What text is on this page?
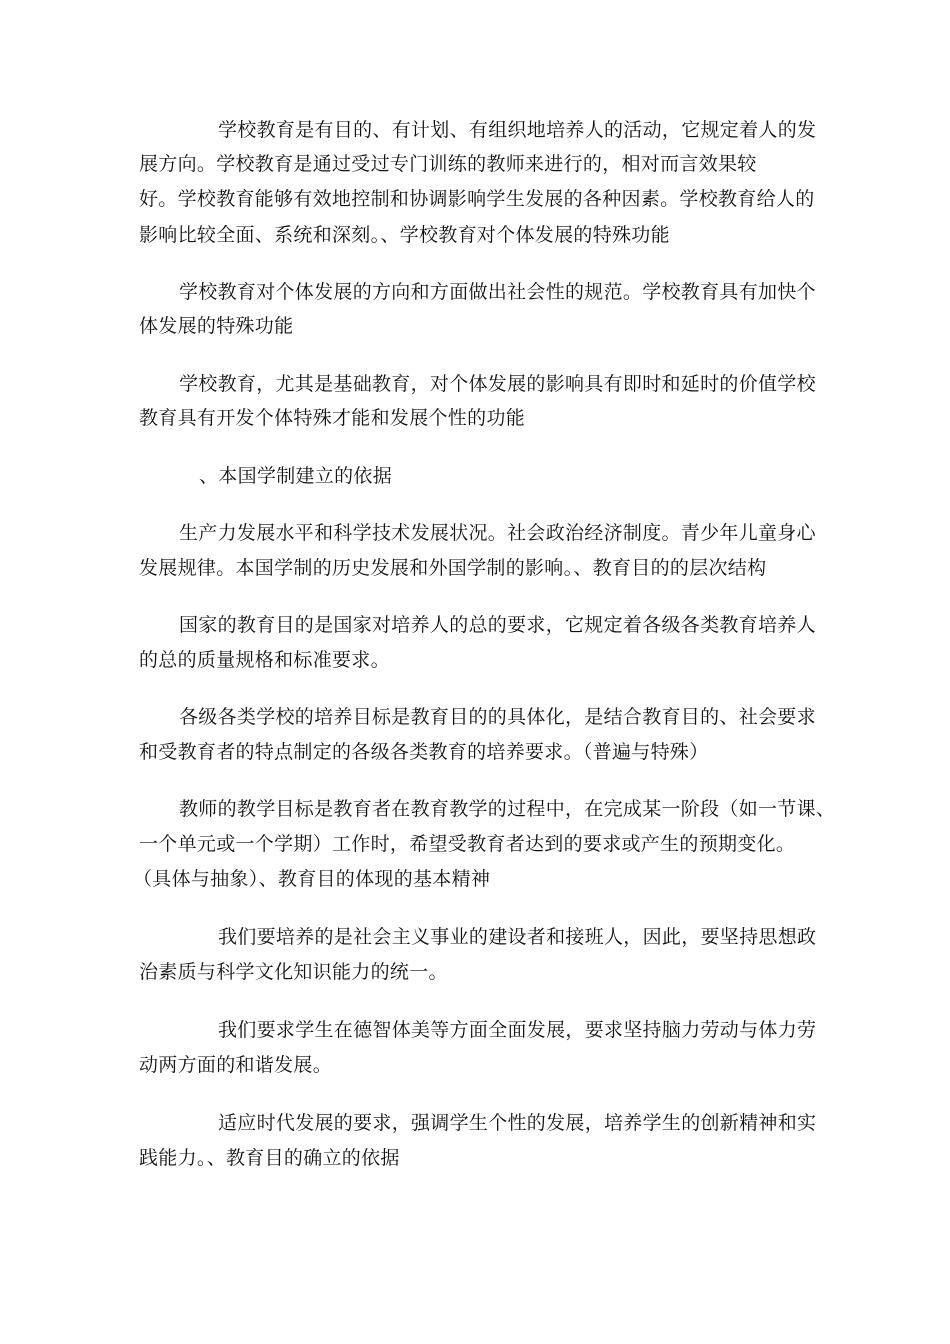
学校教育是有目的、有计划、有组织地培养人的活动，它规定着人的发

展方向。学校教育是通过受过专门训练的教师来进行的，相对而言效果较

好。学校教育能够有效地控制和协调影响学生发展的各种因素。学校教育给人的

影响比较全面、系统和深刻。、学校教育对个体发展的特殊功能

学校教育对个体发展的方向和方面做出社会性的规范。学校教育具有加快个

体发展的特殊功能

学校教育，尤其是基础教育，对个体发展的影响具有即时和延时的价值学校

教育具有开发个体特殊才能和发展个性的功能

、本国学制建立的依据

生产力发展水平和科学技术发展状况。社会政治经济制度。青少年儿童身心

发展规律。本国学制的历史发展和外国学制的影响。、教育目的的层次结构

国家的教育目的是国家对培养人的总的要求，它规定着各级各类教育培养人

的总的质量规格和标准要求。

各级各类学校的培养目标是教育目的的具体化，是结合教育目的、社会要求

和受教育者的特点制定的各级各类教育的培养要求。（普遍与特殊）

教师的教学目标是教育者在教育教学的过程中，在完成某一阶段（如一节课、

一个单元或一个学期）工作时，希望受教育者达到的要求或产生的预期变化。

（具体与抽象）、教育目的体现的基本精神

我们要培养的是社会主义事业的建设者和接班人，因此，要坚持思想政

治素质与科学文化知识能力的统一。

我们要求学生在德智体美等方面全面发展，要求坚持脑力劳动与体力劳

动两方面的和谐发展。

适应时代发展的要求，强调学生个性的发展，培养学生的创新精神和实

践能力。、教育目的确立的依据
